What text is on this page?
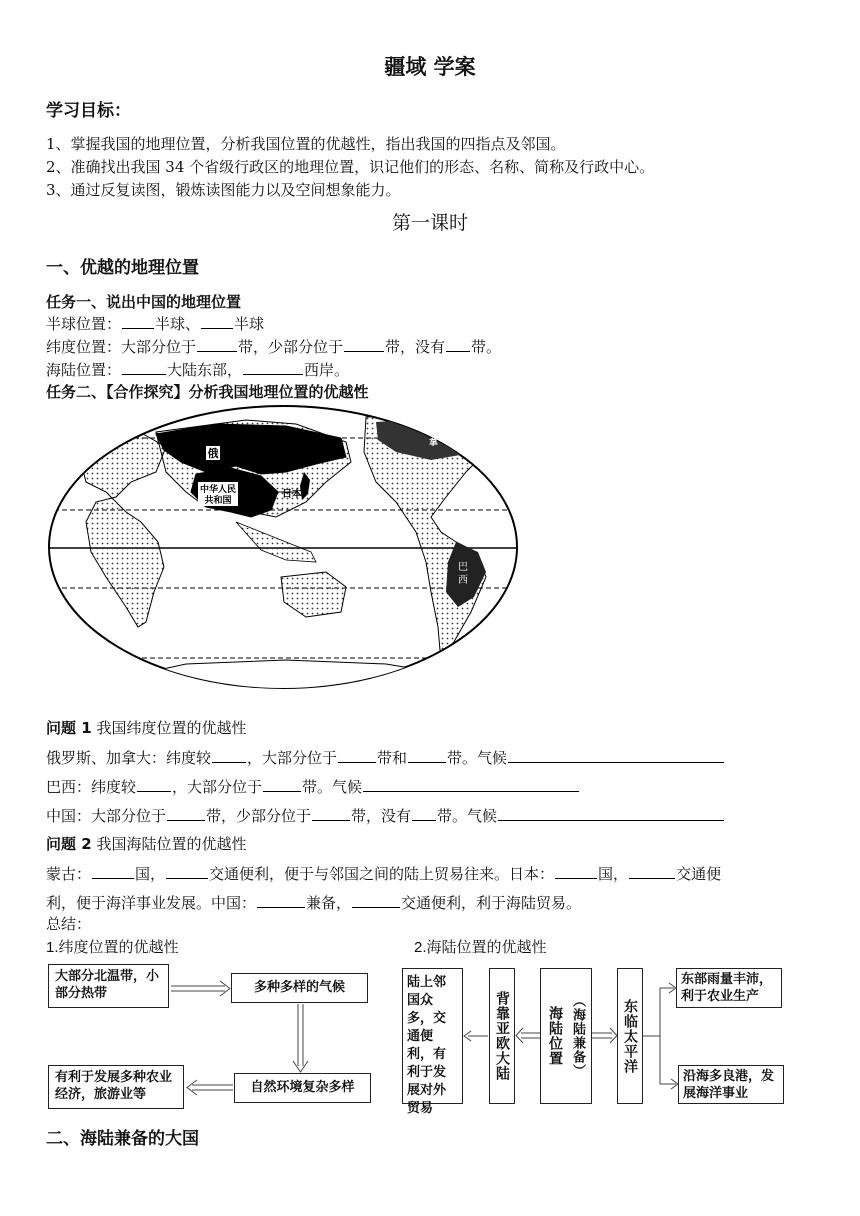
疆域 学案
学习目标：
1、掌握我国的地理位置，分析我国位置的优越性，指出我国的四指点及邻国。
2、准确找出我国 34 个省级行政区的地理位置，识记他们的形态、名称、简称及行政中心。
3、通过反复读图，锻炼读图能力以及空间想象能力。
第一课时
一、优越的地理位置
任务一、说出中国的地理位置
半球位置： 半球、 半球
纬度位置：大部分位于	带，少部分位于	带，没有 带。
海陆位置：	大陆东部，	西岸。
任务二、【合作探究】分析我国地理位置的优越性
俄
中华人民
共和国	日本
拿
巴
西
问题 1 我国纬度位置的优越性
俄罗斯、加拿大：纬度较 ，大部分位于	带和	带。气候
巴西：纬度较 ，大部分位于	带。气候
中国：大部分位于	带，少部分位于	带，没有 带。气候
问题 2 我国海陆位置的优越性
蒙古：	国，	交通便利，便于与邻国之间的陆上贸易往来。日本：	国，	交通便
利，便于海洋事业发展。中国：	兼备，	交通便利，利于海陆贸易。
总结：
1.纬度位置的优越性	2.海陆位置的优越性
大部分北温带，小部分热带	多种多样的气候
自然环境复杂多样
有利于发展多种农业经济，旅游业等
陆上邻国众多，交通便利，有利于发展对外贸易
背靠亚欧大陆	海陆位置 （海陆兼备）	东临太平洋
东部雨量丰沛，利于农业生产
沿海多良港，发展海洋事业
二、海陆兼备的大国
